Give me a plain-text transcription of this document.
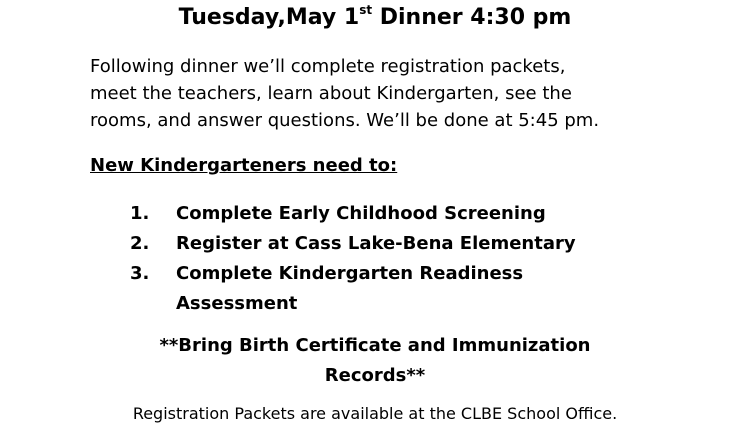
Tuesday,May 1st Dinner 4:30 pm
Following dinner we’ll complete registration packets,
meet the teachers, learn about Kindergarten, see the
rooms, and answer questions. We’ll be done at 5:45 pm.
New Kindergarteners need to:
1. Complete Early Childhood Screening
2. Register at Cass Lake-Bena Elementary
3. Complete Kindergarten Readiness
Assessment
**Bring Birth Certificate and Immunization
Records**
Registration Packets are available at the CLBE School Office.
